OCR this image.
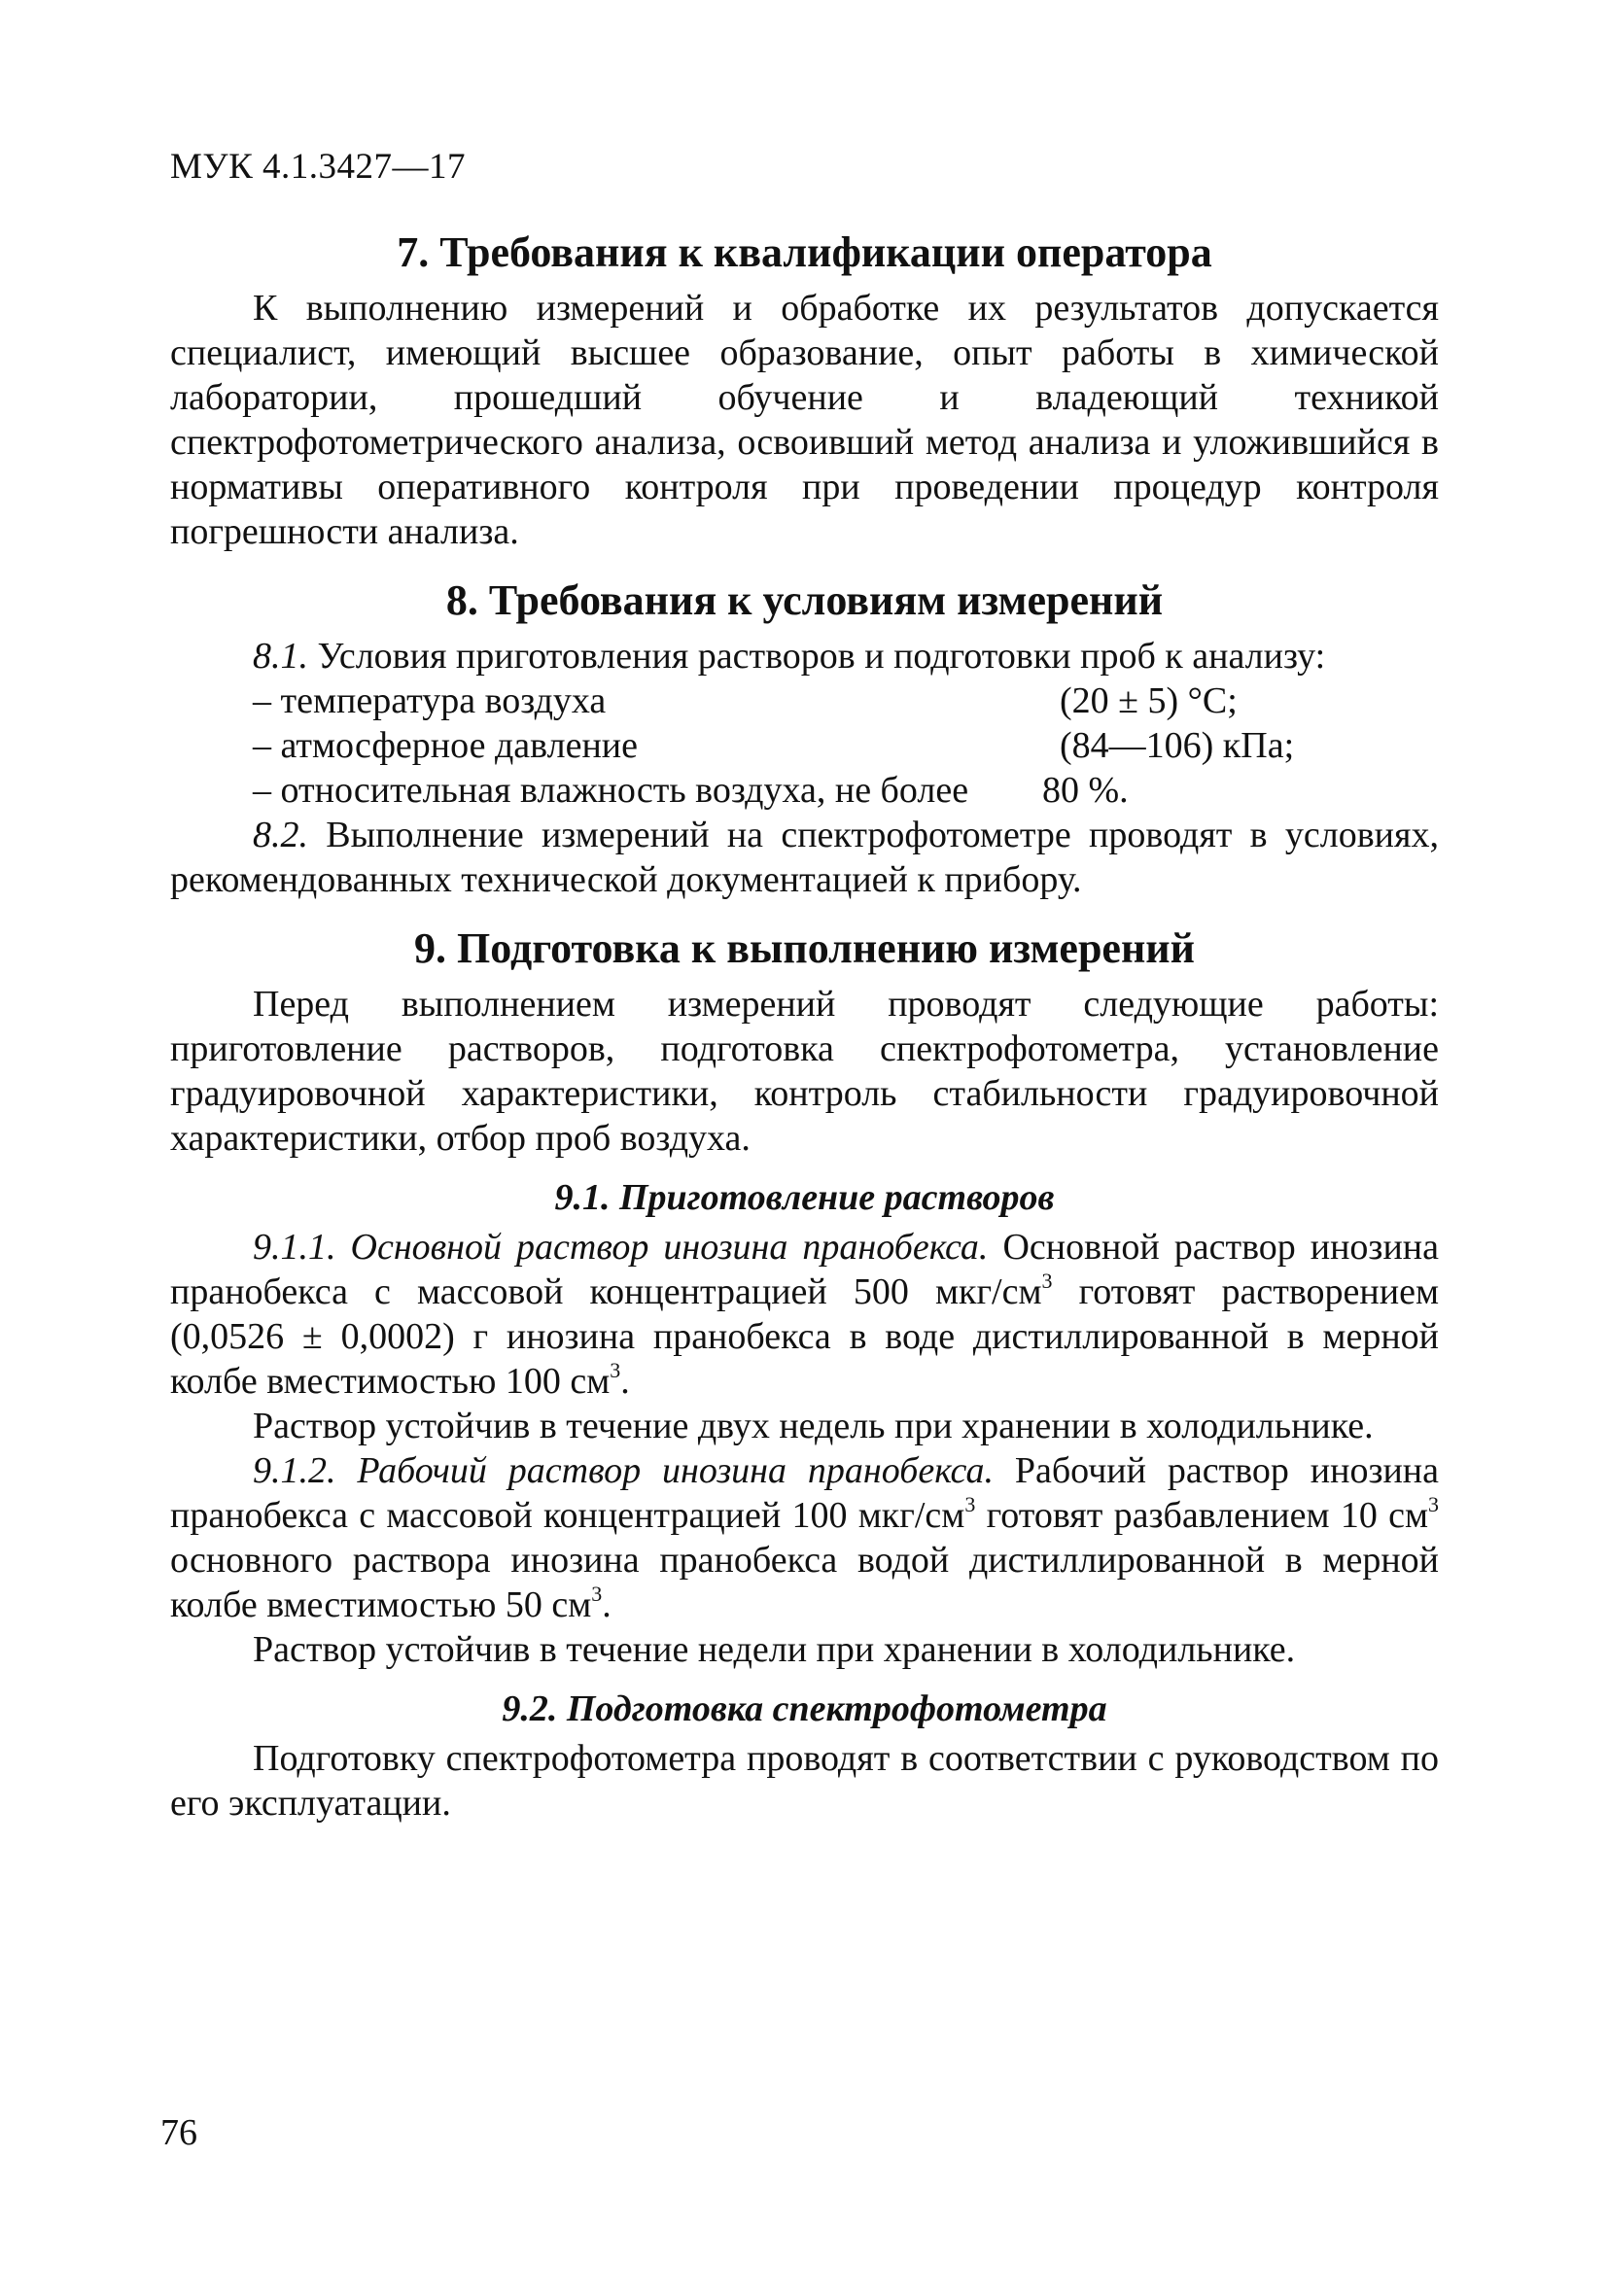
МУК 4.1.3427—17
7. Требования к квалификации оператора

К выполнению измерений и обработке их результатов допускается специалист, имеющий высшее образование, опыт работы в химической лаборатории, прошедший обучение и владеющий техникой спектрофотометрического анализа, освоивший метод анализа и уложившийся в нормативы оперативного контроля при проведении процедур контроля погрешности анализа.

8. Требования к условиям измерений

8.1. Условия приготовления растворов и подготовки проб к анализу:

– температура воздуха	(20 ± 5) °С;
– атмосферное давление	(84—106) кПа;
– относительная влажность воздуха, не более 80 %.

8.2. Выполнение измерений на спектрофотометре проводят в условиях, рекомендованных технической документацией к прибору.

9. Подготовка к выполнению измерений

Перед выполнением измерений проводят следующие работы: приготовление растворов, подготовка спектрофотометра, установление градуировочной характеристики, контроль стабильности градуировочной характеристики, отбор проб воздуха.

9.1. Приготовление растворов

9.1.1. Основной раствор инозина пранобекса. Основной раствор инозина пранобекса с массовой концентрацией 500 мкг/$см^3$ готовят растворением (0,0526 ± 0,0002) г инозина пранобекса в воде дистиллированной в мерной колбе вместимостью 100 $см^3$.

Раствор устойчив в течение двух недель при хранении в холодильнике.

9.1.2. Рабочий раствор инозина пранобекса. Рабочий раствор инозина пранобекса с массовой концентрацией 100 мкг/$см^3$ готовят разбавлением 10 $см^3$ основного раствора инозина пранобекса водой дистиллированной в мерной колбе вместимостью 50 $см^3$.

Раствор устойчив в течение недели при хранении в холодильнике.

9.2. Подготовка спектрофотометра

Подготовку спектрофотометра проводят в соответствии с руководством по его эксплуатации.

76
